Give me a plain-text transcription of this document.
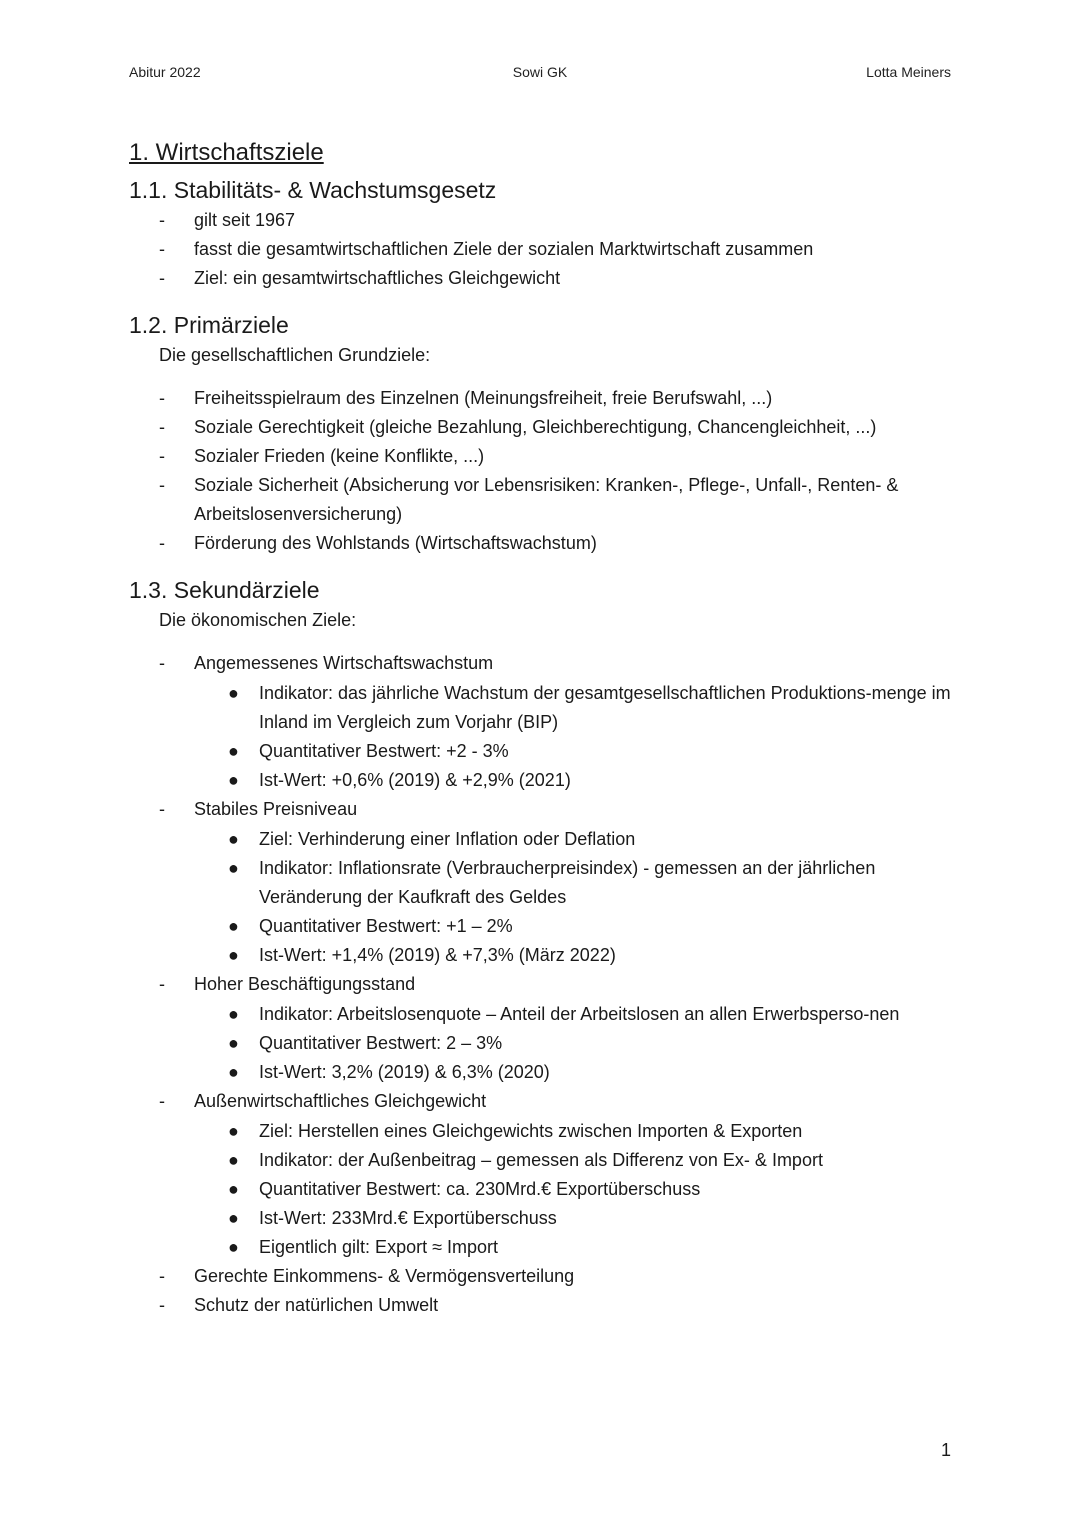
Abitur 2022	Sowi GK	Lotta Meiners
1. Wirtschaftsziele
1.1. Stabilitäts- & Wachstumsgesetz
- gilt seit 1967
- fasst die gesamtwirtschaftlichen Ziele der sozialen Marktwirtschaft zusammen
- Ziel: ein gesamtwirtschaftliches Gleichgewicht
1.2. Primärziele

Die gesellschaftlichen Grundziele:

- Freiheitsspielraum des Einzelnen (Meinungsfreiheit, freie Berufswahl, ...)
- Soziale Gerechtigkeit (gleiche Bezahlung, Gleichberechtigung, Chancengleichheit, ...)
- Sozialer Frieden (keine Konflikte, ...)
- Soziale Sicherheit (Absicherung vor Lebensrisiken: Kranken-, Pflege-, Unfall-, Renten- & Arbeitslosenversicherung)
- Förderung des Wohlstands (Wirtschaftswachstum)
1.3. Sekundärziele

Die ökonomischen Ziele:

- Angemessenes Wirtschaftswachstum
●	Indikator: das jährliche Wachstum der gesamtgesellschaftlichen Produktions-menge im Inland im Vergleich zum Vorjahr (BIP)
●	Quantitativer Bestwert: +2 - 3%
●	Ist-Wert: +0,6% (2019) & +2,9% (2021)
- Stabiles Preisniveau
●	Ziel: Verhinderung einer Inflation oder Deflation
●	Indikator: Inflationsrate (Verbraucherpreisindex) - gemessen an der jährlichen Veränderung der Kaufkraft des Geldes
●	Quantitativer Bestwert: +1 – 2%
●	Ist-Wert: +1,4% (2019) & +7,3% (März 2022)
- Hoher Beschäftigungsstand
●	Indikator: Arbeitslosenquote – Anteil der Arbeitslosen an allen Erwerbsperso-nen
●	Quantitativer Bestwert: 2 – 3%
●	Ist-Wert: 3,2% (2019) & 6,3% (2020)
- Außenwirtschaftliches Gleichgewicht
●	Ziel: Herstellen eines Gleichgewichts zwischen Importen & Exporten
●	Indikator: der Außenbeitrag – gemessen als Differenz von Ex- & Import
●	Quantitativer Bestwert: ca. 230Mrd.€ Exportüberschuss
●	Ist-Wert: 233Mrd.€ Exportüberschuss
●	Eigentlich gilt: Export ≈ Import
- Gerechte Einkommens- & Vermögensverteilung
- Schutz der natürlichen Umwelt
1
